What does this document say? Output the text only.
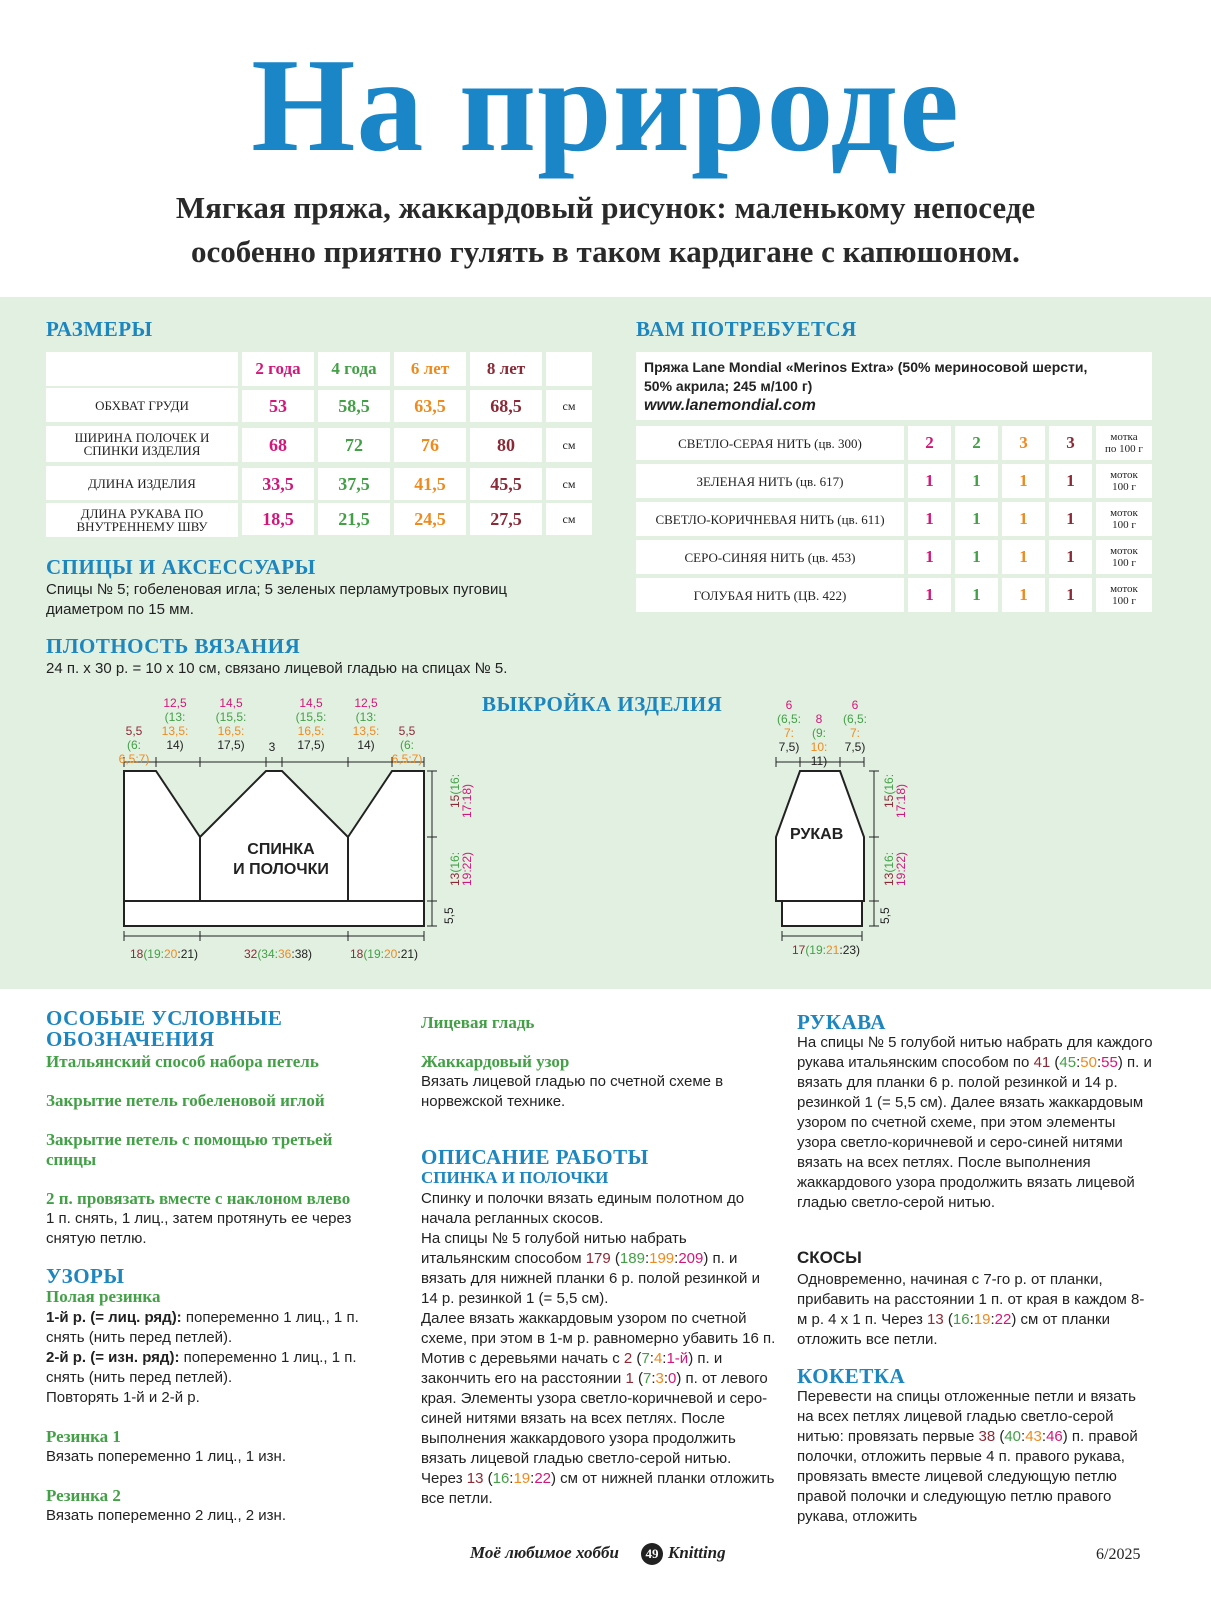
На природе
Мягкая пряжа, жаккардовый рисунок: маленькому непоседе
особенно приятно гулять в таком кардигане с капюшоном.
РАЗМЕРЫ
2 года	4 года	6 лет	8 лет
ОБХВАТ ГРУДИ	53	58,5	63,5	68,5	см
ШИРИНА ПОЛОЧЕК И СПИНКИ ИЗДЕЛИЯ	68	72	76	80	см
ДЛИНА ИЗДЕЛИЯ	33,5	37,5	41,5	45,5	см
ДЛИНА РУКАВА ПО ВНУТРЕННЕМУ ШВУ	18,5	21,5	24,5	27,5	см
СПИЦЫ И АКСЕССУАРЫ
Спицы № 5; гобеленовая игла; 5 зеленых перламутровых пуговиц диаметром по 15 мм.
ПЛОТНОСТЬ ВЯЗАНИЯ
24 п. х 30 р. = 10 х 10 см, связано лицевой гладью на спицах № 5.
ВАМ ПОТРЕБУЕТСЯ
Пряжа Lane Mondial «Merinos Extra» (50% мериносовой шерсти,
50% акрила; 245 м/100 г)
www.lanemondial.com
СВЕТЛО-СЕРАЯ НИТЬ (цв. 300)	2	2	3	3	мотка
по 100 г
ЗЕЛЕНАЯ НИТЬ (цв. 617)	1	1	1	1	моток
100 г
СВЕТЛО-КОРИЧНЕВАЯ НИТЬ (цв. 611)	1	1	1	1	моток
100 г
СЕРО-СИНЯЯ НИТЬ (цв. 453)	1	1	1	1	моток
100 г
ГОЛУБАЯ НИТЬ (ЦВ. 422)	1	1	1	1	моток
100 г
ВЫКРОЙКА ИЗДЕЛИЯ
СПИНКА
И ПОЛОЧКИ
5,5
(6:
6,5:7)
12,5
(13:
13,5:
14)
14,5
(15,5:
16,5:
17,5)	3
14,5
(15,5:
16,5:
17,5)
12,5
(13:
13,5:
14)
5,5
(6:
6,5:7)
15(16:
17:18)
13(16:
19:22)
5,5
18(19:20:21)	32(34:36:38)	18(19:20:21)
РУКАВ
6
(6,5:
7:
7,5)
8
(9:
10:
11)
6
(6,5:
7:
7,5)
15(16:
17:18)
13(16:
19:22)
5,5
17(19:21:23)
ОСОБЫЕ УСЛОВНЫЕ
ОБОЗНАЧЕНИЯ
Итальянский способ набора петель
Закрытие петель гобеленовой иглой
Закрытие петель с помощью третьей спицы
2 п. провязать вместе с наклоном влево
1 п. снять, 1 лиц., затем протянуть ее через снятую петлю.
УЗОРЫ
Полая резинка
1-й р. (= лиц. ряд): попеременно 1 лиц., 1 п. снять (нить перед петлей).
2-й р. (= изн. ряд): попеременно 1 лиц., 1 п. снять (нить перед петлей).
Повторять 1-й и 2-й р.
Резинка 1
Вязать попеременно 1 лиц., 1 изн.
Резинка 2
Вязать попеременно 2 лиц., 2 изн.
Лицевая гладь
Жаккардовый узор
Вязать лицевой гладью по счетной схеме в норвежской технике.
ОПИСАНИЕ РАБОТЫ
СПИНКА И ПОЛОЧКИ
Спинку и полочки вязать единым полотном до начала регланных скосов.
На спицы № 5 голубой нитью набрать итальянским способом 179 (189:199:209) п. и вязать для нижней планки 6 р. полой резинкой и 14 р. резинкой 1 (= 5,5 см).
Далее вязать жаккардовым узором по счетной схеме, при этом в 1-м р. равномерно убавить 16 п. Мотив с деревьями начать с 2 (7:4:1-й) п. и закончить его на расстоянии 1 (7:3:0) п. от левого края. Элементы узора светло-коричневой и серо-синей нитями вязать на всех петлях. После выполнения жаккардового узора продолжить вязать лицевой гладью светло-серой нитью.
Через 13 (16:19:22) см от нижней планки отложить все петли.
РУКАВА
На спицы № 5 голубой нитью набрать для каждого рукава итальянским способом по 41 (45:50:55) п. и вязать для планки 6 р. полой резинкой и 14 р. резинкой 1 (= 5,5 см). Далее вязать жаккардовым узором по счетной схеме, при этом элементы узора светло-коричневой и серо-синей нитями вязать на всех петлях. После выполнения жаккардового узора продолжить вязать лицевой гладью светло-серой нитью.
СКОСЫ
Одновременно, начиная с 7-го р. от планки, прибавить на расстоянии 1 п. от края в каждом 8-м р. 4 х 1 п. Через 13 (16:19:22) см от планки отложить все петли.
КОКЕТКА
Перевести на спицы отложенные петли и вязать на всех петлях лицевой гладью светло-серой нитью: провязать первые 38 (40:43:46) п. правой полочки, отложить первые 4 п. правого рукава, провязать вместе лицевой следующую петлю правой полочки и следующую петлю правого рукава, отложить
Моё любимое хобби	49 Knitting	6/2025
